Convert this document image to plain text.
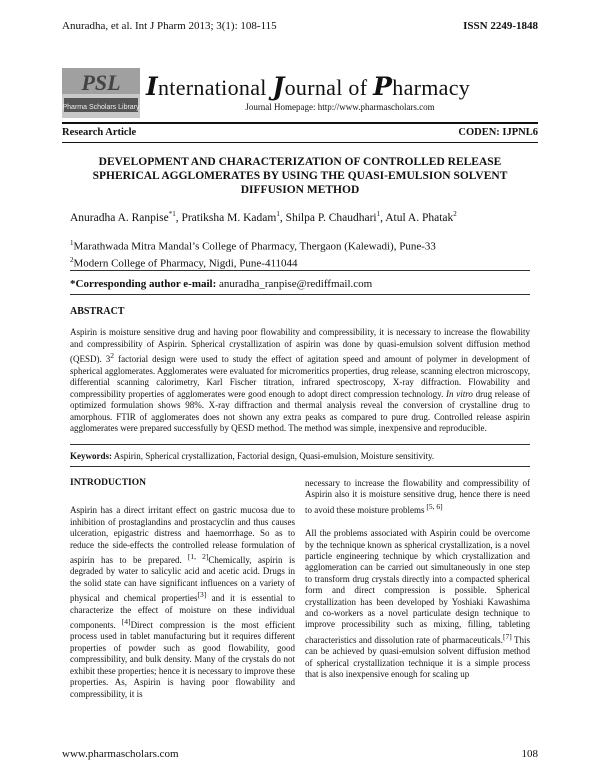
Anuradha, et al. Int J Pharm 2013; 3(1): 108-115	ISSN 2249-1848
PSL
Pharma Scholars Library
International Journal of Pharmacy
Journal Homepage: http://www.pharmascholars.com
Research Article	CODEN: IJPNL6
DEVELOPMENT AND CHARACTERIZATION OF CONTROLLED RELEASE SPHERICAL AGGLOMERATES BY USING THE QUASI-EMULSION SOLVENT DIFFUSION METHOD
Anuradha A. Ranpise$^{*1}$, Pratiksha M. Kadam$^1$, Shilpa P. Chaudhari$^1$, Atul A. Phatak$^2$
$^1$Marathwada Mitra Mandal’s College of Pharmacy, Thergaon (Kalewadi), Pune-33
$^2$Modern College of Pharmacy, Nigdi, Pune-411044
*Corresponding author e-mail: anuradha_ranpise@rediffmail.com
ABSTRACT
Aspirin is moisture sensitive drug and having poor flowability and compressibility, it is necessary to increase the flowability and compressibility of Aspirin. Spherical crystallization of aspirin was done by quasi-emulsion solvent diffusion method (QESD). $3^2$ factorial design were used to study the effect of agitation speed and amount of polymer in development of spherical agglomerates. Agglomerates were evaluated for micromeritics properties, drug release, scanning electron microscopy, differential scanning calorimetry, Karl Fischer titration, infrared spectroscopy, X-ray diffraction. Flowability and compressibility properties of agglomerates were good enough to adopt direct compression technology. In vitro drug release of optimized formulation shows 98%. X-ray diffraction and thermal analysis reveal the conversion of crystalline drug to amorphous. FTIR of agglomerates does not shown any extra peaks as compared to pure drug. Controlled release aspirin agglomerates were prepared successfully by QESD method. The method was simple, inexpensive and reproducible.
Keywords: Aspirin, Spherical crystallization, Factorial design, Quasi-emulsion, Moisture sensitivity.
INTRODUCTION

Aspirin has a direct irritant effect on gastric mucosa due to inhibition of prostaglandins and prostacyclin and thus causes ulceration, epigastric distress and haemorrhage. So as to reduce the side-effects the controlled release formulation of aspirin has to be prepared. [1, 2]Chemically, aspirin is degraded by water to salicylic acid and acetic acid. Drugs in the solid state can have significant influences on a variety of physical and chemical properties[3] and it is essential to characterize the effect of moisture on these individual components. [4]Direct compression is the most efficient process used in tablet manufacturing but it requires different properties of powder such as good flowability, good compressibility, and bulk density. Many of the crystals do not exhibit these properties; hence it is necessary to improve these properties. As, Aspirin is having poor flowability and compressibility, it is

necessary to increase the flowability and compressibility of Aspirin also it is moisture sensitive drug, hence there is need to avoid these moisture problems [5, 6]

All the problems associated with Aspirin could be overcome by the technique known as spherical crystallization, is a novel particle engineering technique by which crystallization and agglomeration can be carried out simultaneously in one step to transform drug crystals directly into a compacted spherical form and direct compression is possible. Spherical crystallization has been developed by Yoshiaki Kawashima and co-workers as a novel particulate design technique to improve processibility such as mixing, filling, tableting characteristics and dissolution rate of pharmaceuticals.[7] This can be achieved by quasi-emulsion solvent diffusion method of spherical crystallization technique it is a simple process that is also inexpensive enough for scaling up

www.pharmascholars.com	108
